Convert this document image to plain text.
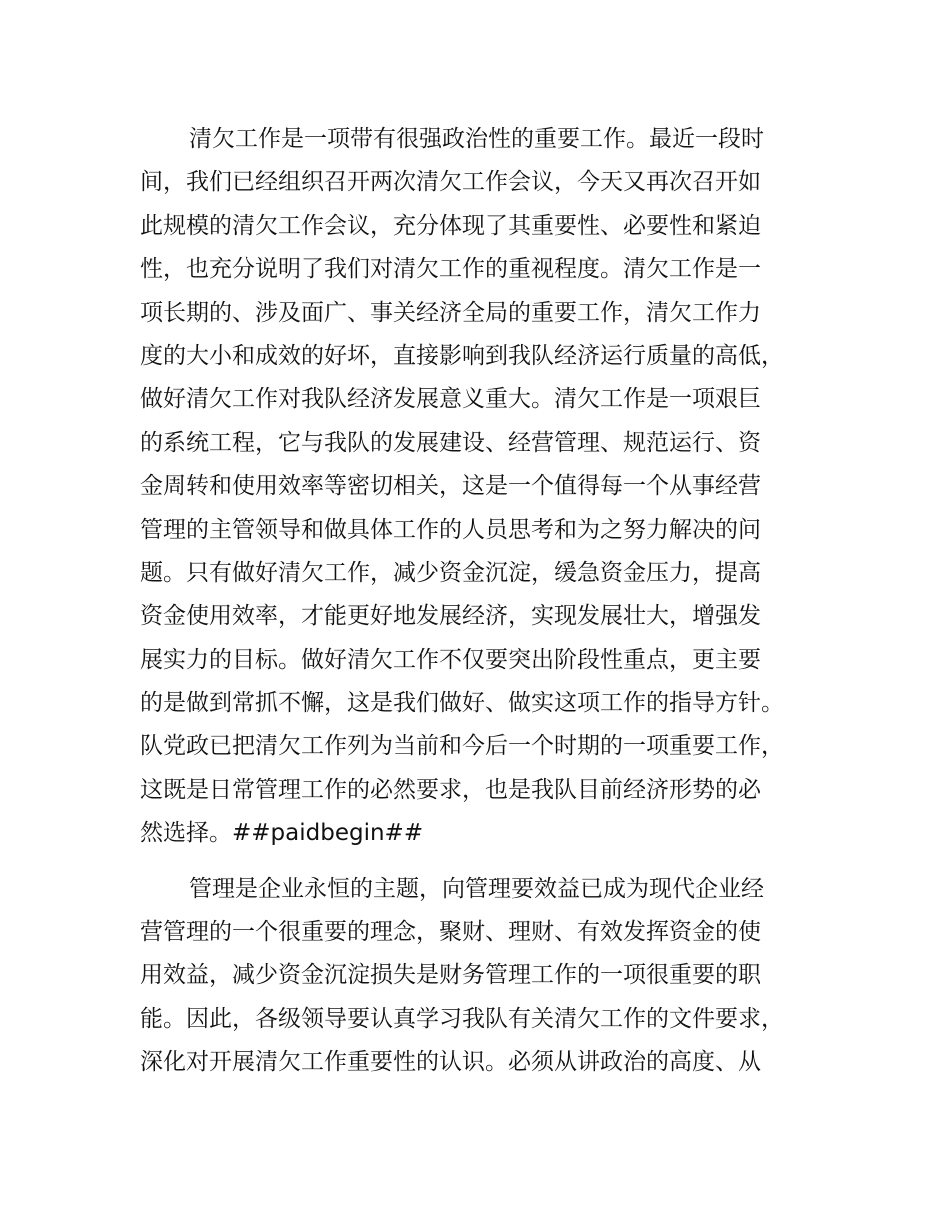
清欠工作是一项带有很强政治性的重要工作。最近一段时
间，我们已经组织召开两次清欠工作会议，今天又再次召开如
此规模的清欠工作会议，充分体现了其重要性、必要性和紧迫
性，也充分说明了我们对清欠工作的重视程度。清欠工作是一
项长期的、涉及面广、事关经济全局的重要工作，清欠工作力
度的大小和成效的好坏，直接影响到我队经济运行质量的高低，
做好清欠工作对我队经济发展意义重大。清欠工作是一项艰巨
的系统工程，它与我队的发展建设、经营管理、规范运行、资
金周转和使用效率等密切相关，这是一个值得每一个从事经营
管理的主管领导和做具体工作的人员思考和为之努力解决的问
题。只有做好清欠工作，减少资金沉淀，缓急资金压力，提高
资金使用效率，才能更好地发展经济，实现发展壮大，增强发
展实力的目标。做好清欠工作不仅要突出阶段性重点，更主要
的是做到常抓不懈，这是我们做好、做实这项工作的指导方针。
队党政已把清欠工作列为当前和今后一个时期的一项重要工作，
这既是日常管理工作的必然要求，也是我队目前经济形势的必
然选择。##paidbegin##
管理是企业永恒的主题，向管理要效益已成为现代企业经
营管理的一个很重要的理念，聚财、理财、有效发挥资金的使
用效益，减少资金沉淀损失是财务管理工作的一项很重要的职
能。因此，各级领导要认真学习我队有关清欠工作的文件要求，
深化对开展清欠工作重要性的认识。必须从讲政治的高度、从
